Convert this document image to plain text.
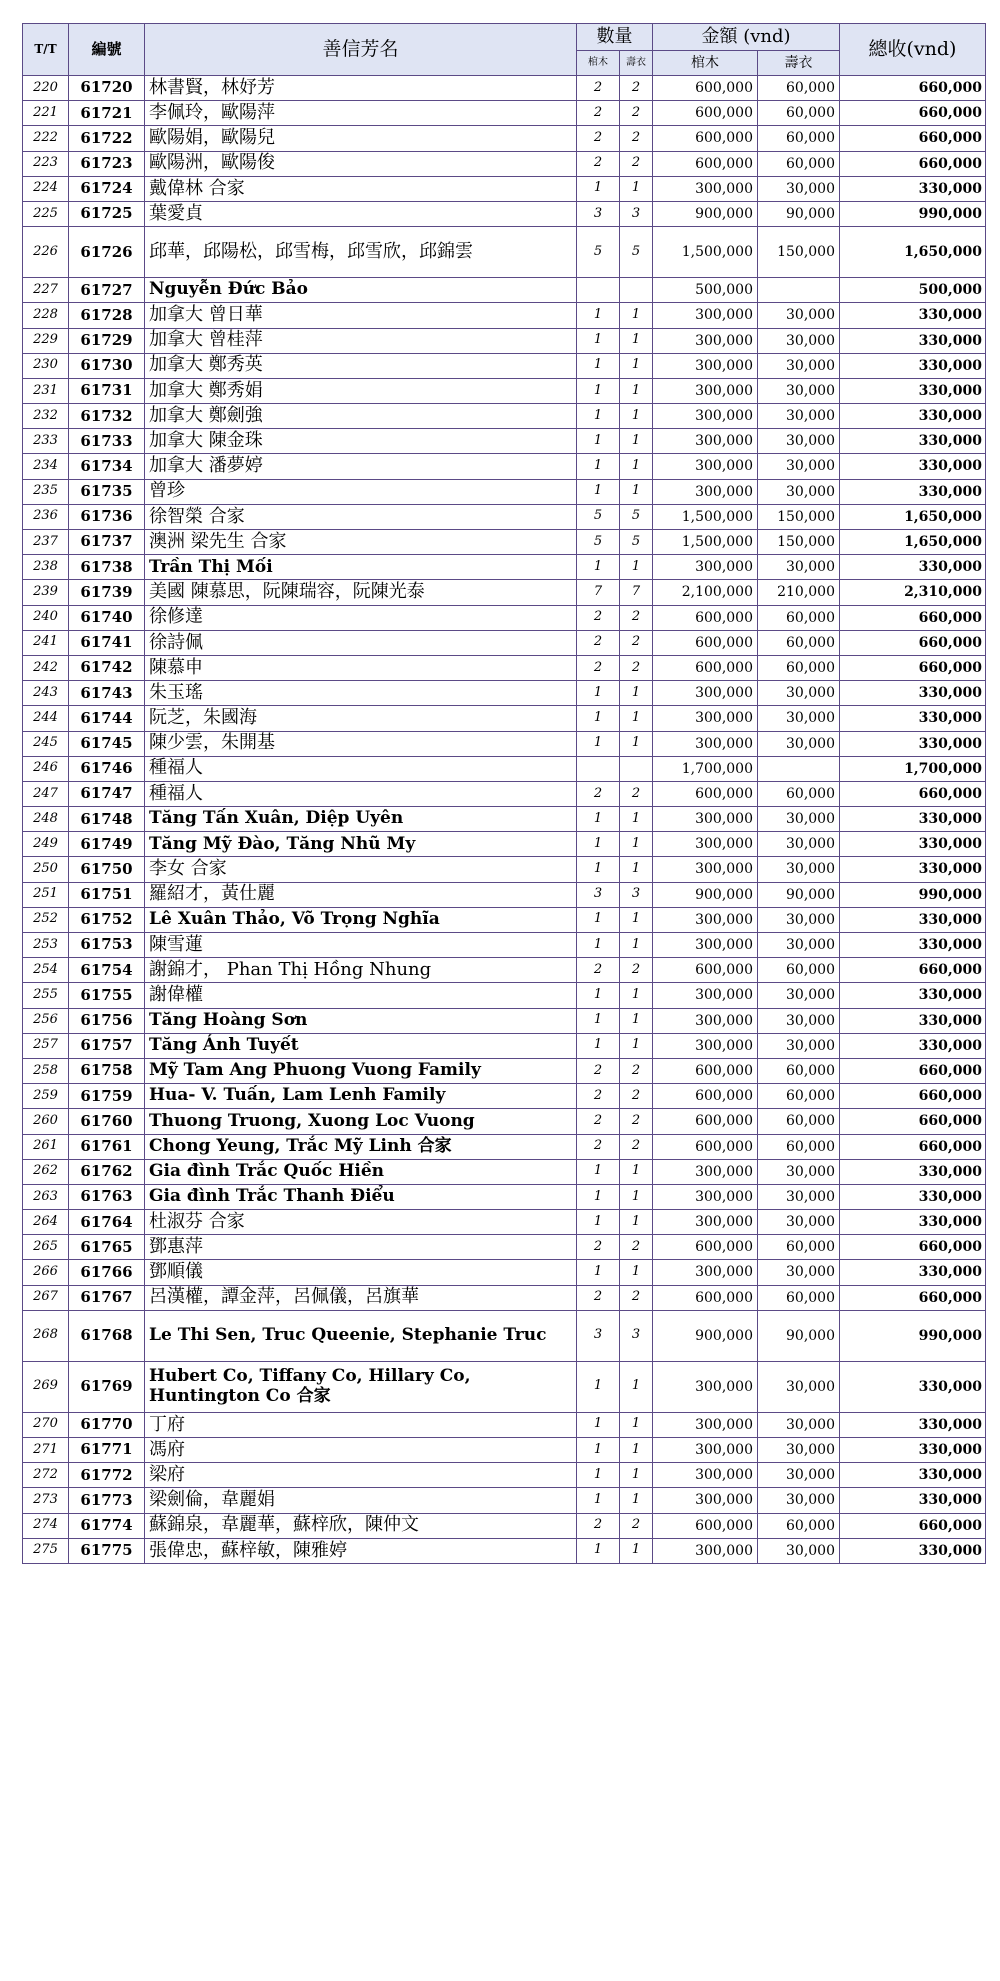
T/T	編號	善信芳名	數量		金額 (vnd)		總收(vnd)
			棺木	壽衣	棺木	壽衣	
220	61720	林書賢，林妤芳	2	2	600,000	60,000	660,000
221	61721	李佩玲，歐陽萍	2	2	600,000	60,000	660,000
222	61722	歐陽娟，歐陽兒	2	2	600,000	60,000	660,000
223	61723	歐陽洲，歐陽俊	2	2	600,000	60,000	660,000
224	61724	戴偉林 合家	1	1	300,000	30,000	330,000
225	61725	葉愛貞	3	3	900,000	90,000	990,000
226	61726	邱華，邱陽松，邱雪梅，邱雪欣，邱錦雲	5	5	1,500,000	150,000	1,650,000
227	61727	Nguyễn Đức Bảo			500,000		500,000
228	61728	加拿大 曾日華	1	1	300,000	30,000	330,000
229	61729	加拿大 曾桂萍	1	1	300,000	30,000	330,000
230	61730	加拿大 鄭秀英	1	1	300,000	30,000	330,000
231	61731	加拿大 鄭秀娟	1	1	300,000	30,000	330,000
232	61732	加拿大 鄭劍強	1	1	300,000	30,000	330,000
233	61733	加拿大 陳金珠	1	1	300,000	30,000	330,000
234	61734	加拿大 潘夢婷	1	1	300,000	30,000	330,000
235	61735	曾珍	1	1	300,000	30,000	330,000
236	61736	徐智榮 合家	5	5	1,500,000	150,000	1,650,000
237	61737	澳洲 梁先生 合家	5	5	1,500,000	150,000	1,650,000
238	61738	Trần Thị Mối	1	1	300,000	30,000	330,000
239	61739	美國 陳慕思，阮陳瑞容，阮陳光泰	7	7	2,100,000	210,000	2,310,000
240	61740	徐修達	2	2	600,000	60,000	660,000
241	61741	徐詩佩	2	2	600,000	60,000	660,000
242	61742	陳慕申	2	2	600,000	60,000	660,000
243	61743	朱玉瑤	1	1	300,000	30,000	330,000
244	61744	阮芝，朱國海	1	1	300,000	30,000	330,000
245	61745	陳少雲，朱開基	1	1	300,000	30,000	330,000
246	61746	種福人			1,700,000		1,700,000
247	61747	種福人	2	2	600,000	60,000	660,000
248	61748	Tăng Tấn Xuân, Diệp Uyên	1	1	300,000	30,000	330,000
249	61749	Tăng Mỹ Đào, Tăng Nhũ My	1	1	300,000	30,000	330,000
250	61750	李女 合家	1	1	300,000	30,000	330,000
251	61751	羅紹才，黃仕麗	3	3	900,000	90,000	990,000
252	61752	Lê Xuân Thảo, Võ Trọng Nghĩa	1	1	300,000	30,000	330,000
253	61753	陳雪蓮	1	1	300,000	30,000	330,000
254	61754	謝錦才， Phan Thị Hồng Nhung	2	2	600,000	60,000	660,000
255	61755	謝偉權	1	1	300,000	30,000	330,000
256	61756	Tăng Hoàng Sơn	1	1	300,000	30,000	330,000
257	61757	Tăng Ánh Tuyết	1	1	300,000	30,000	330,000
258	61758	Mỹ Tam Ang Phuong Vuong Family	2	2	600,000	60,000	660,000
259	61759	Hua- V. Tuấn, Lam Lenh Family	2	2	600,000	60,000	660,000
260	61760	Thuong Truong, Xuong Loc Vuong	2	2	600,000	60,000	660,000
261	61761	Chong Yeung, Trắc Mỹ Linh 合家	2	2	600,000	60,000	660,000
262	61762	Gia đình Trắc Quốc Hiền	1	1	300,000	30,000	330,000
263	61763	Gia đình Trắc Thanh Điểu	1	1	300,000	30,000	330,000
264	61764	杜淑芬 合家	1	1	300,000	30,000	330,000
265	61765	鄧惠萍	2	2	600,000	60,000	660,000
266	61766	鄧順儀	1	1	300,000	30,000	330,000
267	61767	呂漢權，譚金萍，呂佩儀，呂旗華	2	2	600,000	60,000	660,000
268	61768	Le Thi Sen, Truc Queenie, Stephanie Truc	3	3	900,000	90,000	990,000
269	61769	Hubert Co, Tiffany Co, Hillary Co, Huntington Co 合家	1	1	300,000	30,000	330,000
270	61770	丁府	1	1	300,000	30,000	330,000
271	61771	馮府	1	1	300,000	30,000	330,000
272	61772	梁府	1	1	300,000	30,000	330,000
273	61773	梁劍倫，韋麗娟	1	1	300,000	30,000	330,000
274	61774	蘇錦泉，韋麗華，蘇梓欣，陳仲文	2	2	600,000	60,000	660,000
275	61775	張偉忠，蘇梓敏，陳雅婷	1	1	300,000	30,000	330,000
